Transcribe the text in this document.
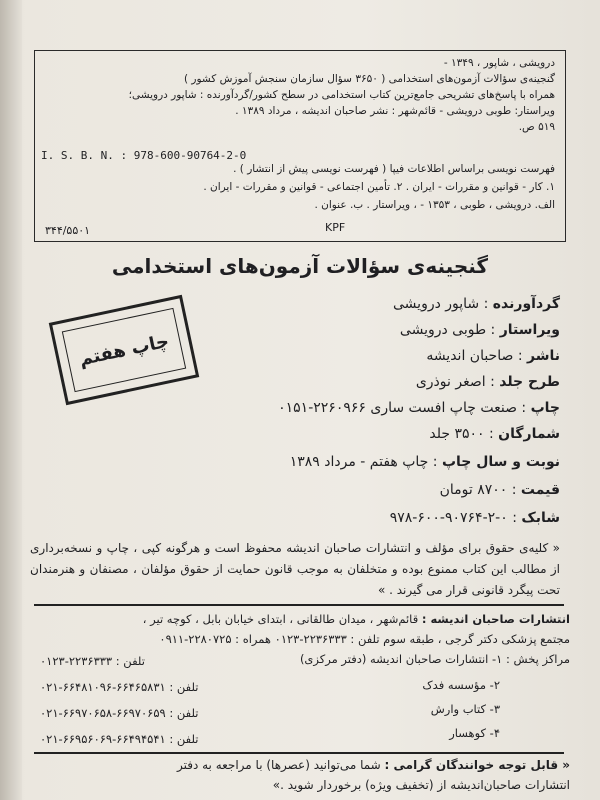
درویشی ، شاپور ، ۱۳۴۹ -
گنجینه‌ی سؤالات آزمون‌های استخدامی ( ۳۶۵۰ سؤال سازمان سنجش آموزش کشور )
همراه با پاسخ‌های تشریحی جامع‌ترین کتاب استخدامی در سطح کشور/گردآورنده : شاپور درویشی؛
ویراستار: طوبی درویشی - قائم‌شهر : نشر صاحبان اندیشه ، مرداد ۱۳۸۹ .
۵۱۹ ص.
I. S. B. N. : 978-600-90764-2-0
فهرست نویسی براساس اطلاعات فیپا ( فهرست نویسی پیش از انتشار ) .
۱. کار - قوانین و مقررات - ایران . ۲. تأمین اجتماعی - قوانین و مقررات - ایران .
الف. درویشی ، طوبی ، ۱۳۵۳ - ، ویراستار . ب. عنوان .
KPF
۳۴۴/۵۵۰۱
گنجینه‌ی سؤالات آزمون‌های استخدامی
چاپ هفتم
گردآورنده : شاپور درویشی
ویراستار : طوبی درویشی
ناشر : صاحبان اندیشه
طرح جلد : اصغر نوذری
چاپ : صنعت چاپ افست ساری ۲۲۶۰۹۶۶-۰۱۵۱
شمارگان : ۳۵۰۰ جلد
نوبت و سال چاپ : چاپ هفتم - مرداد ۱۳۸۹
قیمت : ۸۷۰۰ تومان
شابک : ۰-۲-۹۰۷۶۴-۶۰۰-۹۷۸
« کلیه‌ی حقوق برای مؤلف و انتشارات صاحبان اندیشه محفوظ است و هرگونه کپی ، چاپ و نسخه‌برداری از مطالب این کتاب ممنوع بوده و متخلفان به موجب قانون حمایت از حقوق مؤلفان ، مصنفان و هنرمندان تحت پیگرد قانونی قرار می گیرند . »
انتشارات صاحبان اندیشه : قائم‌شهر ، میدان طالقانی ، ابتدای خیابان بابل ، کوچه تیر ،
مجتمع پزشکی دکتر گرجی ، طبقه سوم تلفن : ۲۲۳۶۳۳۳-۰۱۲۳ همراه : ۲۲۸۰۷۲۵-۰۹۱۱
مراکز پخش : ۱- انتشارات صاحبان اندیشه (دفتر مرکزی)
تلفن : ۲۲۳۶۳۳۳-۰۱۲۳
۲- مؤسسه فدک
تلفن : ۶۶۴۶۵۸۳۱-۶۶۴۸۱۰۹۶-۰۲۱
۳- کتاب وارش
تلفن : ۶۶۹۷۰۶۵۹-۶۶۹۷۰۶۵۸-۰۲۱
۴- کوهسار
تلفن : ۶۶۴۹۴۵۴۱-۶۶۹۵۶۰۶۹-۰۲۱
« قابل توجه خوانندگان گرامی : شما می‌توانید (عصرها) با مراجعه به دفتر
انتشارات صاحبان‌اندیشه از (تخفیف ویژه) برخوردار شوید .»
